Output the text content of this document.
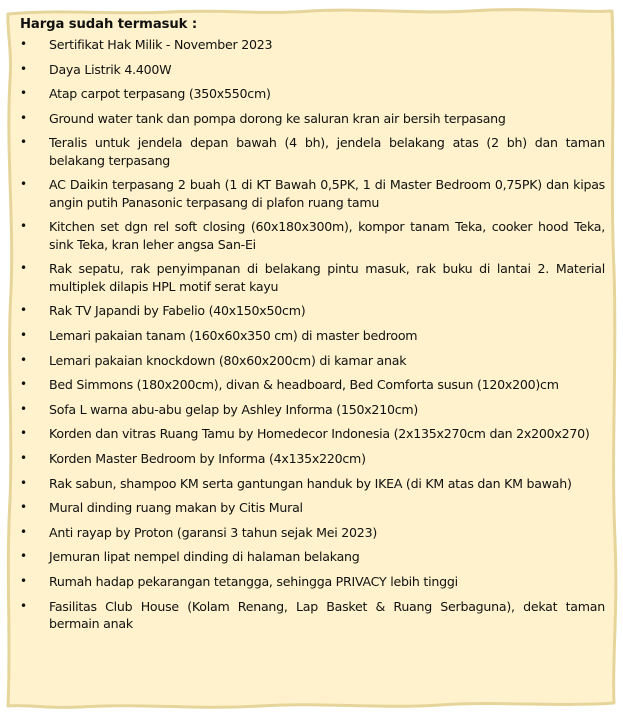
Harga sudah termasuk :
• Sertifikat Hak Milik - November 2023
• Daya Listrik 4.400W
• Atap carpot terpasang (350x550cm)
• Ground water tank dan pompa dorong ke saluran kran air bersih terpasang
• Teralis untuk jendela depan bawah (4 bh), jendela belakang atas (2 bh) dan taman belakang terpasang
• AC Daikin terpasang 2 buah (1 di KT Bawah 0,5PK, 1 di Master Bedroom 0,75PK) dan kipas angin putih Panasonic terpasang di plafon ruang tamu
• Kitchen set dgn rel soft closing (60x180x300m), kompor tanam Teka, cooker hood Teka, sink Teka, kran leher angsa San-Ei
• Rak sepatu, rak penyimpanan di belakang pintu masuk, rak buku di lantai 2. Material multiplek dilapis HPL motif serat kayu
• Rak TV Japandi by Fabelio (40x150x50cm)
• Lemari pakaian tanam (160x60x350 cm) di master bedroom
• Lemari pakaian knockdown (80x60x200cm) di kamar anak
• Bed Simmons (180x200cm), divan & headboard, Bed Comforta susun (120x200)cm
• Sofa L warna abu-abu gelap by Ashley Informa (150x210cm)
• Korden dan vitras Ruang Tamu by Homedecor Indonesia (2x135x270cm dan 2x200x270)
• Korden Master Bedroom by Informa (4x135x220cm)
• Rak sabun, shampoo KM serta gantungan handuk by IKEA (di KM atas dan KM bawah)
• Mural dinding ruang makan by Citis Mural
• Anti rayap by Proton (garansi 3 tahun sejak Mei 2023)
• Jemuran lipat nempel dinding di halaman belakang
• Rumah hadap pekarangan tetangga, sehingga PRIVACY lebih tinggi
• Fasilitas Club House (Kolam Renang, Lap Basket & Ruang Serbaguna), dekat taman bermain anak
